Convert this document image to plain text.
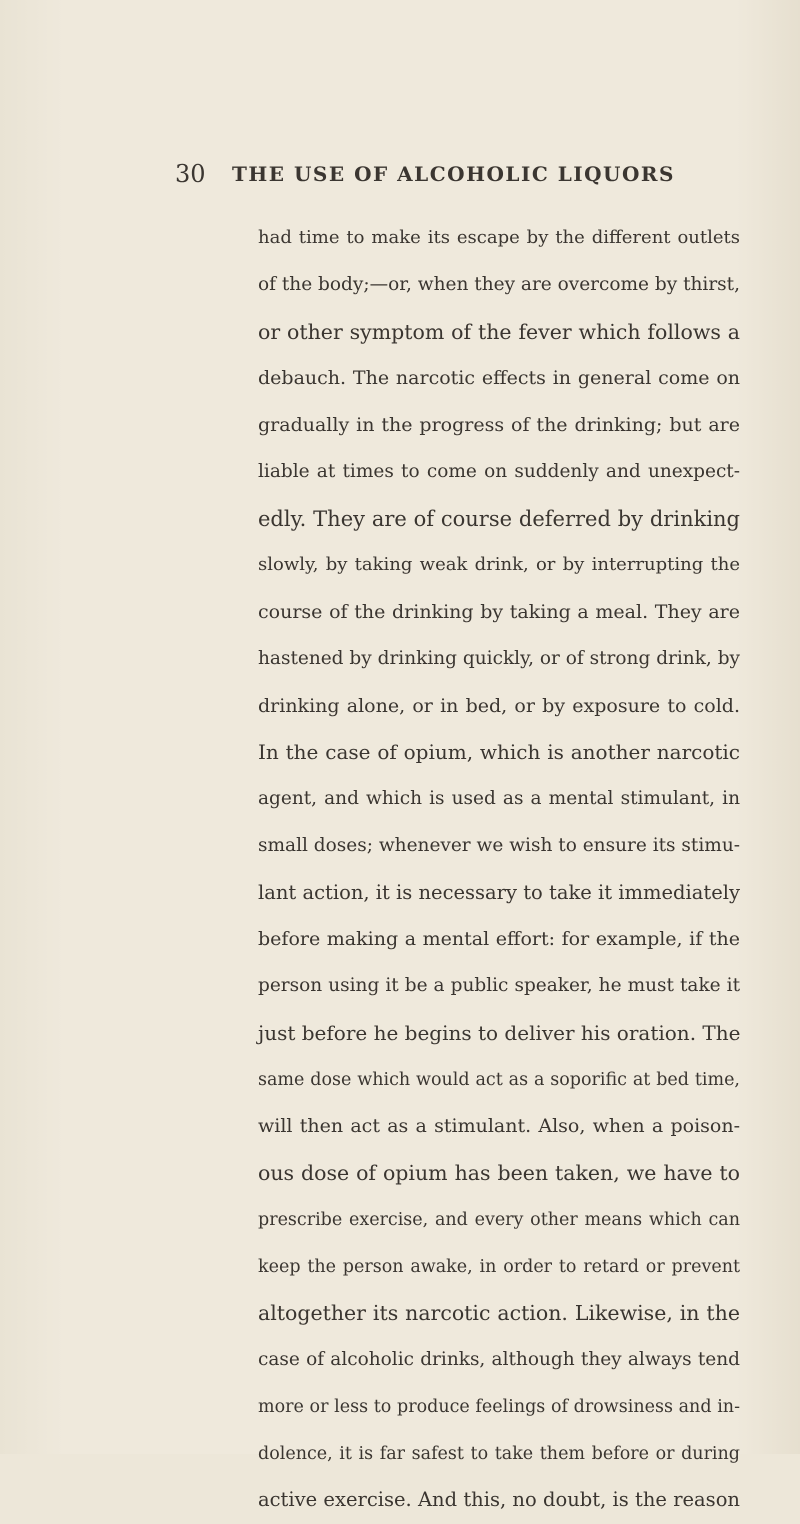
30 THE USE OF ALCOHOLIC LIQUORS
had time to make its escape by the different outlets
of the body;—or, when they are overcome by thirst,
or other symptom of the fever which follows a
debauch. The narcotic effects in general come on
gradually in the progress of the drinking; but are
liable at times to come on suddenly and unexpect-
edly. They are of course deferred by drinking
slowly, by taking weak drink, or by interrupting the
course of the drinking by taking a meal. They are
hastened by drinking quickly, or of strong drink, by
drinking alone, or in bed, or by exposure to cold.
In the case of opium, which is another narcotic
agent, and which is used as a mental stimulant, in
small doses; whenever we wish to ensure its stimu-
lant action, it is necessary to take it immediately
before making a mental effort: for example, if the
person using it be a public speaker, he must take it
just before he begins to deliver his oration. The
same dose which would act as a soporific at bed time,
will then act as a stimulant. Also, when a poison-
ous dose of opium has been taken, we have to
prescribe exercise, and every other means which can
keep the person awake, in order to retard or prevent
altogether its narcotic action. Likewise, in the
case of alcoholic drinks, although they always tend
more or less to produce feelings of drowsiness and in-
dolence, it is far safest to take them before or during
active exercise. And this, no doubt, is the reason
